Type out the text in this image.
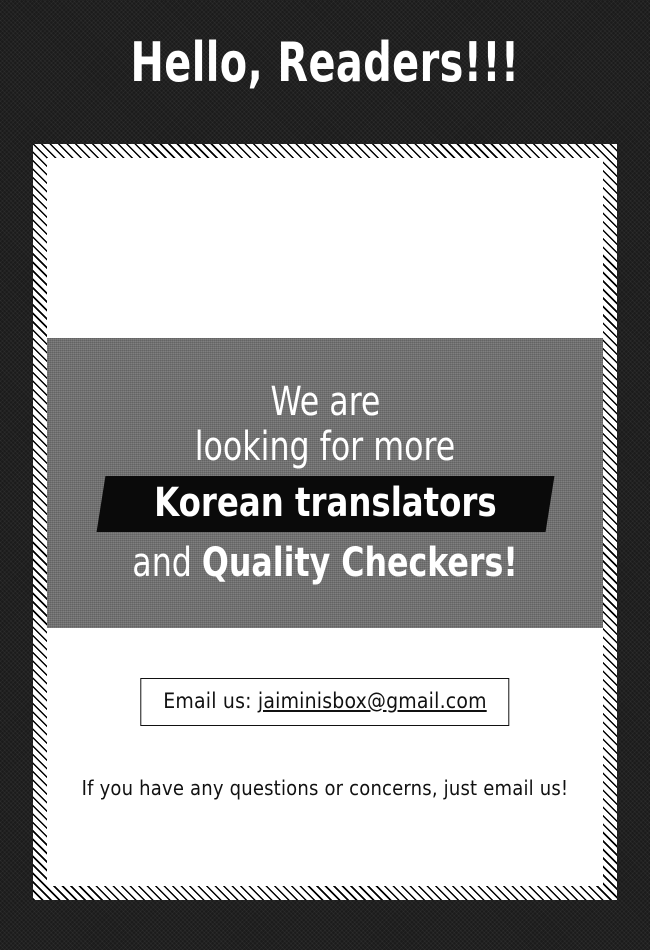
Hello, Readers!!!
We are
looking for more
Korean translators
and Quality Checkers!
Email us: jaiminisbox@gmail.com
If you have any questions or concerns, just email us!
